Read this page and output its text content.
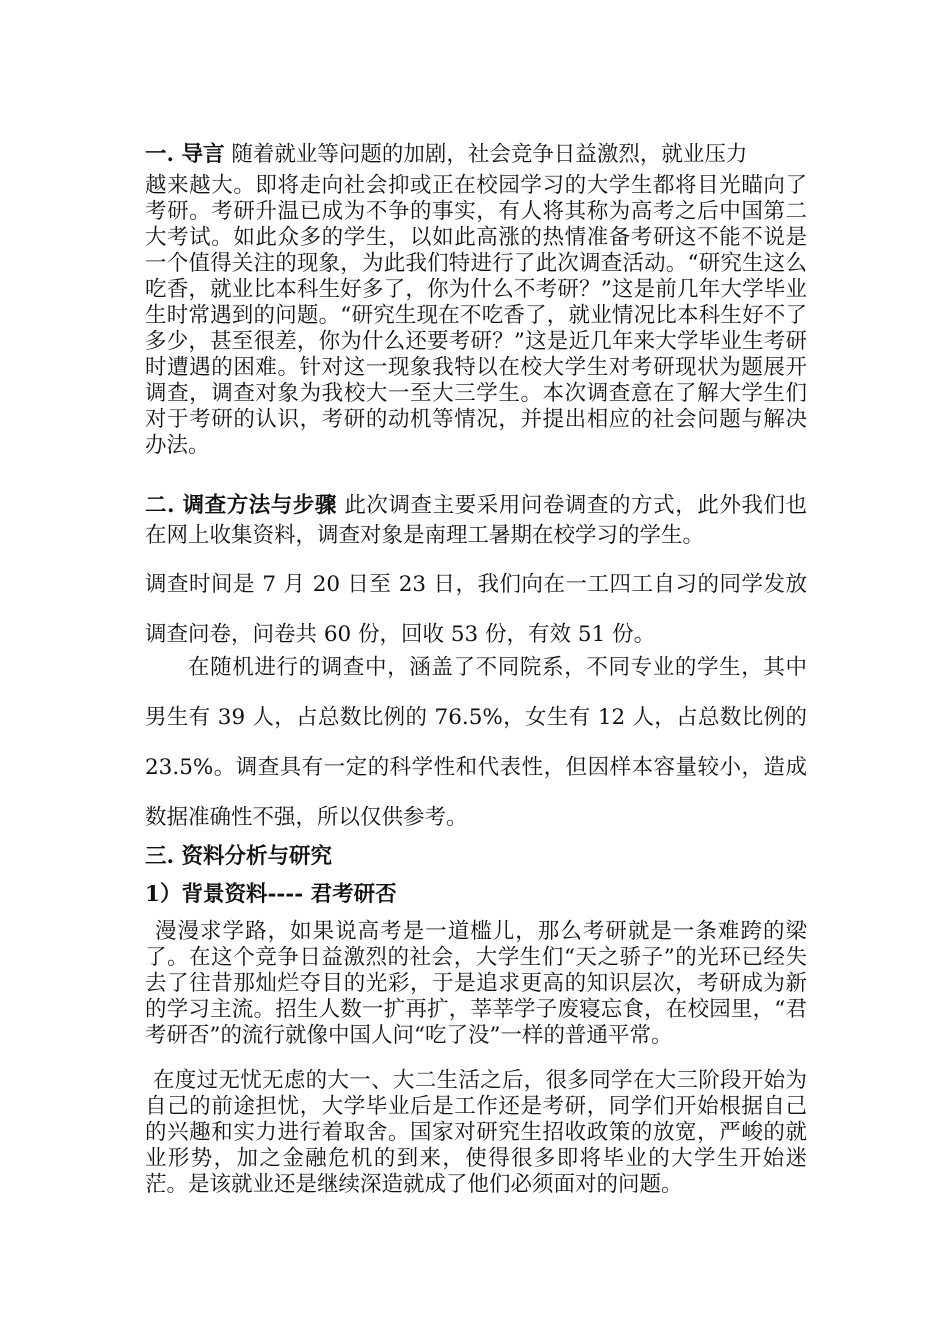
一. 导言 随着就业等问题的加剧，社会竞争日益激烈，就业压力
越来越大。即将走向社会抑或正在校园学习的大学生都将目光瞄向了考研。考研升温已成为不争的事实，有人将其称为高考之后中国第二大考试。如此众多的学生，以如此高涨的热情准备考研这不能不说是一个值得关注的现象，为此我们特进行了此次调查活动。“研究生这么吃香，就业比本科生好多了，你为什么不考研？”这是前几年大学毕业生时常遇到的问题。“研究生现在不吃香了，就业情况比本科生好不了多少，甚至很差，你为什么还要考研？”这是近几年来大学毕业生考研时遭遇的困难。针对这一现象我特以在校大学生对考研现状为题展开调查，调查对象为我校大一至大三学生。本次调查意在了解大学生们对于考研的认识，考研的动机等情况，并提出相应的社会问题与解决办法。
二. 调查方法与步骤 此次调查主要采用问卷调查的方式，此外我们也在网上收集资料，调查对象是南理工暑期在校学习的学生。
调查时间是 7 月 20 日至 23 日，我们向在一工四工自习的同学发放调查问卷，问卷共 60 份，回收 53 份，有效 51 份。
在随机进行的调查中，涵盖了不同院系，不同专业的学生，其中男生有 39 人，占总数比例的 76.5%，女生有 12 人，占总数比例的 23.5%。调查具有一定的科学性和代表性，但因样本容量较小，造成数据准确性不强，所以仅供参考。
三. 资料分析与研究
1）背景资料---- 君考研否
漫漫求学路，如果说高考是一道槛儿，那么考研就是一条难跨的梁了。在这个竞争日益激烈的社会，大学生们“天之骄子”的光环已经失去了往昔那灿烂夺目的光彩，于是追求更高的知识层次，考研成为新的学习主流。招生人数一扩再扩，莘莘学子废寝忘食，在校园里，“君考研否”的流行就像中国人问“吃了没”一样的普通平常。
在度过无忧无虑的大一、大二生活之后，很多同学在大三阶段开始为自己的前途担忧，大学毕业后是工作还是考研，同学们开始根据自己的兴趣和实力进行着取舍。国家对研究生招收政策的放宽，严峻的就业形势，加之金融危机的到来，使得很多即将毕业的大学生开始迷茫。是该就业还是继续深造就成了他们必须面对的问题。
